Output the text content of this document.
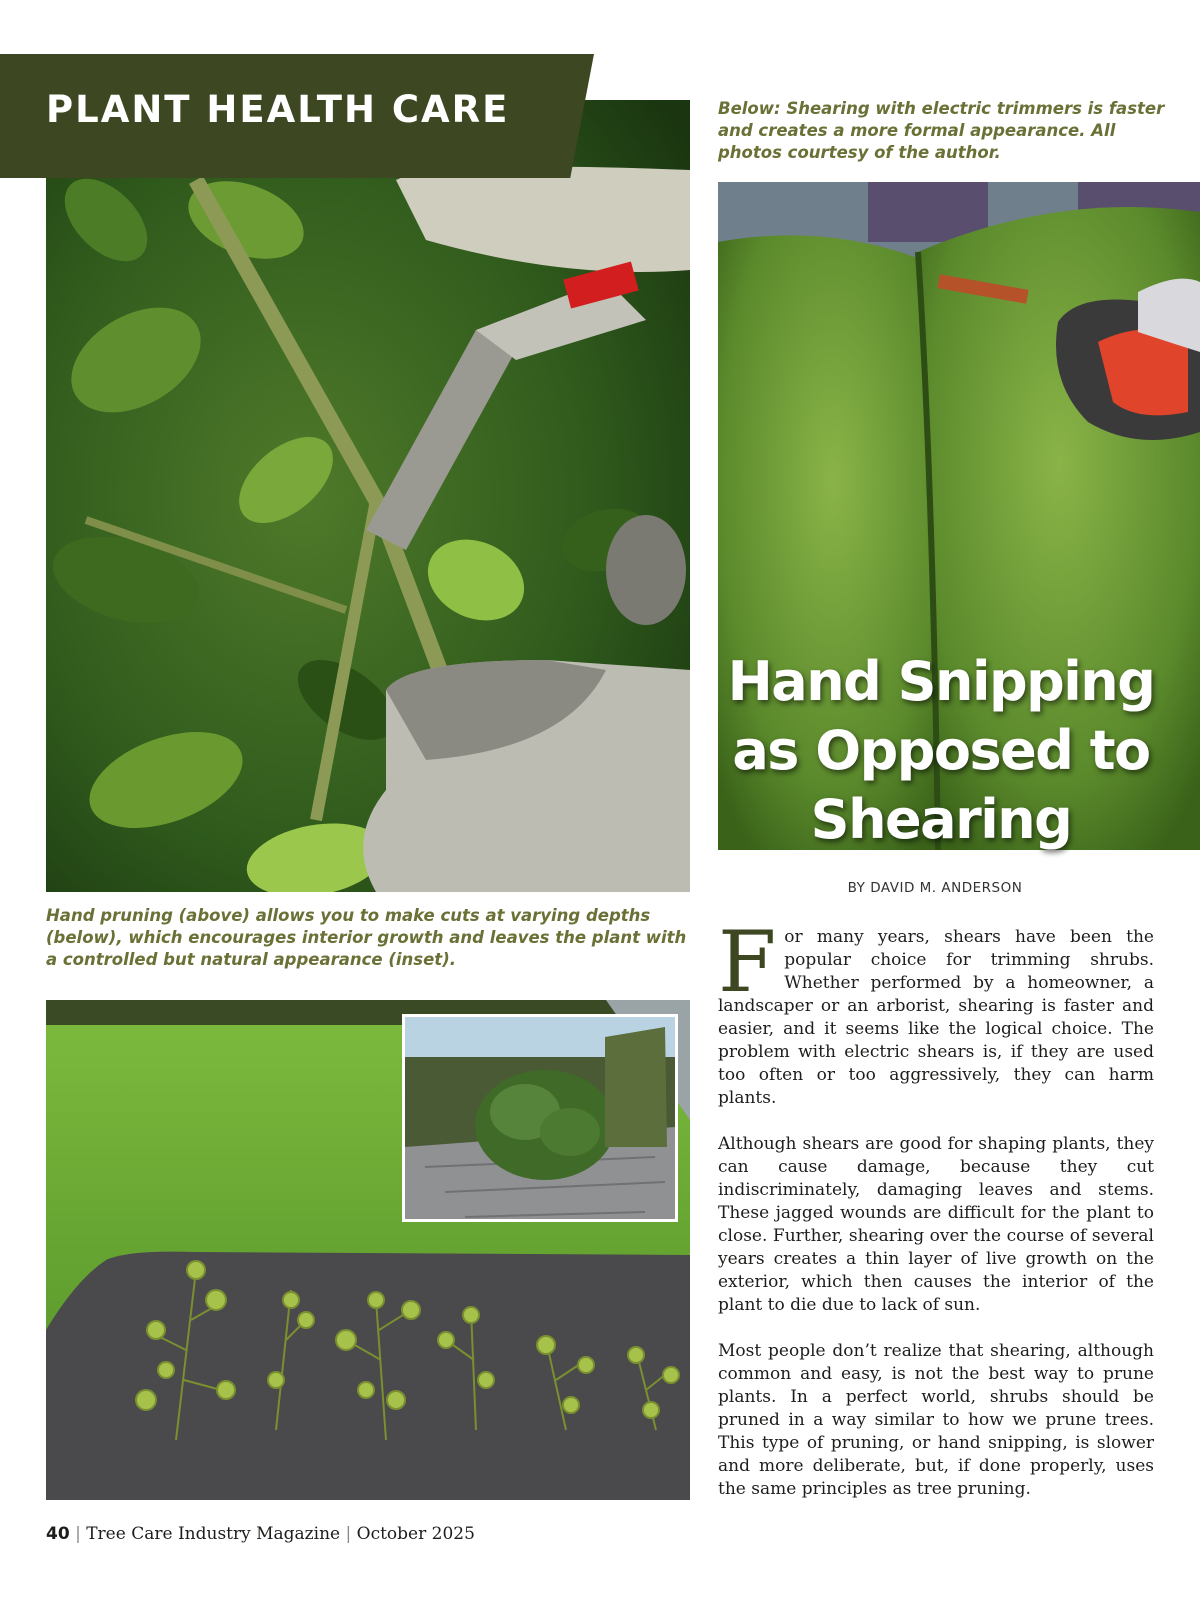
PLANT HEALTH CARE	Below: Shearing with electric trimmers is faster and creates a more formal appearance. All photos courtesy of the author.
Hand Snipping
as Opposed to
Shearing
BY DAVID M. ANDERSON
Hand pruning (above) allows you to make cuts at varying depths (below), which encourages interior growth and leaves the plant with a controlled but natural appearance (inset).	For many years, shears have been the popular choice for trimming shrubs. Whether performed by a homeowner, a landscaper or an arborist, shearing is faster and easier, and it seems like the logical choice. The problem with electric shears is, if they are used too often or too aggressively, they can harm plants.

Although shears are good for shaping plants, they can cause damage, because they cut indiscriminately, damaging leaves and stems. These jagged wounds are difficult for the plant to close. Further, shearing over the course of several years creates a thin layer of live growth on the exterior, which then causes the interior of the plant to die due to lack of sun.

Most people don’t realize that shearing, although common and easy, is not the best way to prune plants. In a perfect world, shrubs should be pruned in a way similar to how we prune trees. This type of pruning, or hand snipping, is slower and more deliberate, but, if done properly, uses the same principles as tree pruning.

40 | Tree Care Industry Magazine | October 2025
